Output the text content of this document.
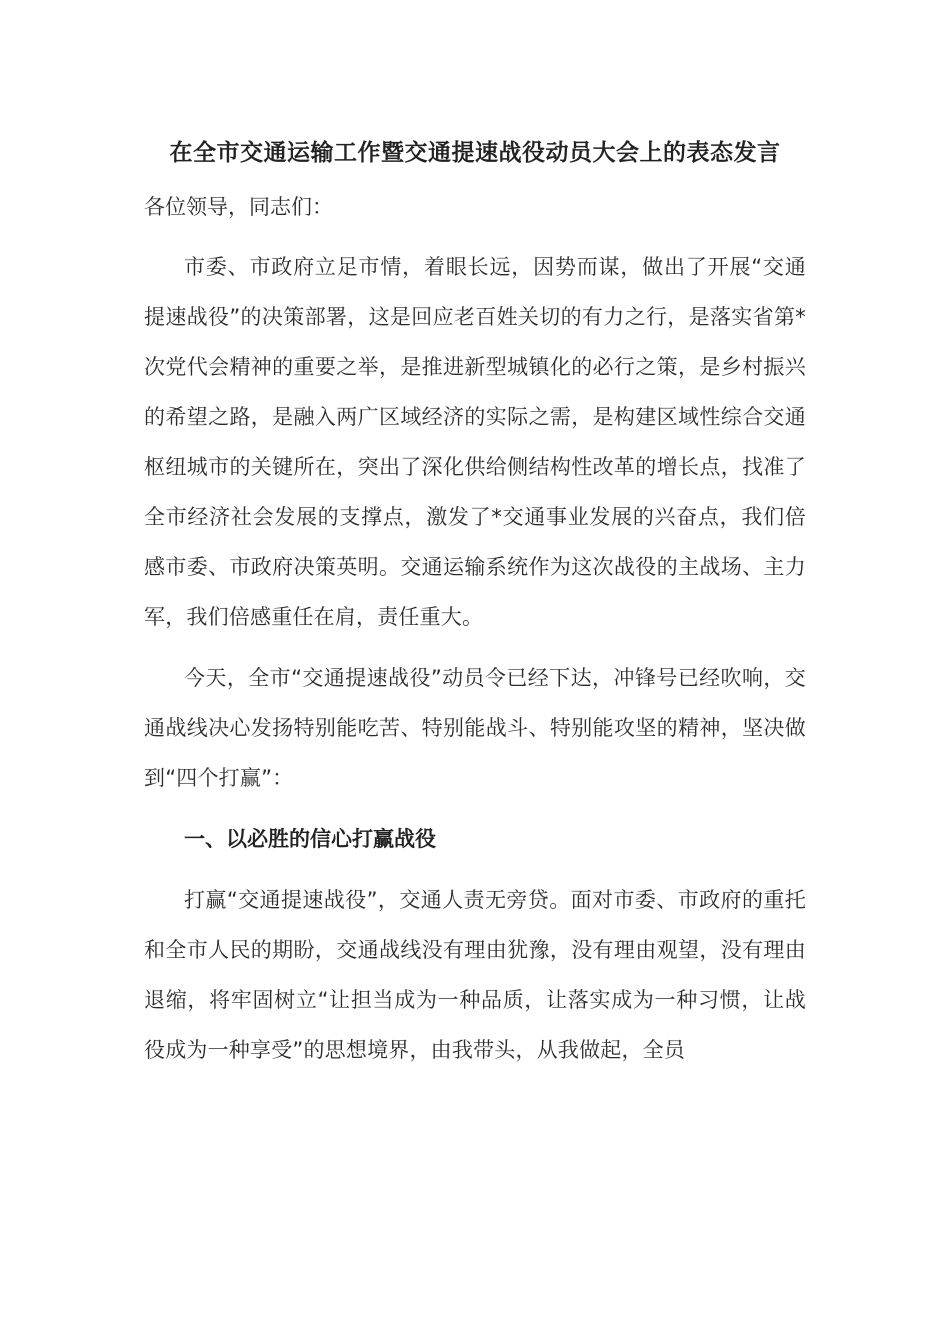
在全市交通运输工作暨交通提速战役动员大会上的表态发言

各位领导，同志们：

市委、市政府立足市情，着眼长远，因势而谋，做出了开展“交通提速战役”的决策部署，这是回应老百姓关切的有力之行，是落实省第*次党代会精神的重要之举，是推进新型城镇化的必行之策，是乡村振兴的希望之路，是融入两广区域经济的实际之需，是构建区域性综合交通枢纽城市的关键所在，突出了深化供给侧结构性改革的增长点，找准了全市经济社会发展的支撑点，激发了*交通事业发展的兴奋点，我们倍感市委、市政府决策英明。交通运输系统作为这次战役的主战场、主力军，我们倍感重任在肩，责任重大。

今天，全市“交通提速战役”动员令已经下达，冲锋号已经吹响，交通战线决心发扬特别能吃苦、特别能战斗、特别能攻坚的精神，坚决做到“四个打赢”：

一、以必胜的信心打赢战役

打赢“交通提速战役”，交通人责无旁贷。面对市委、市政府的重托和全市人民的期盼，交通战线没有理由犹豫，没有理由观望，没有理由退缩，将牢固树立“让担当成为一种品质，让落实成为一种习惯，让战役成为一种享受”的思想境界，由我带头，从我做起，全员
